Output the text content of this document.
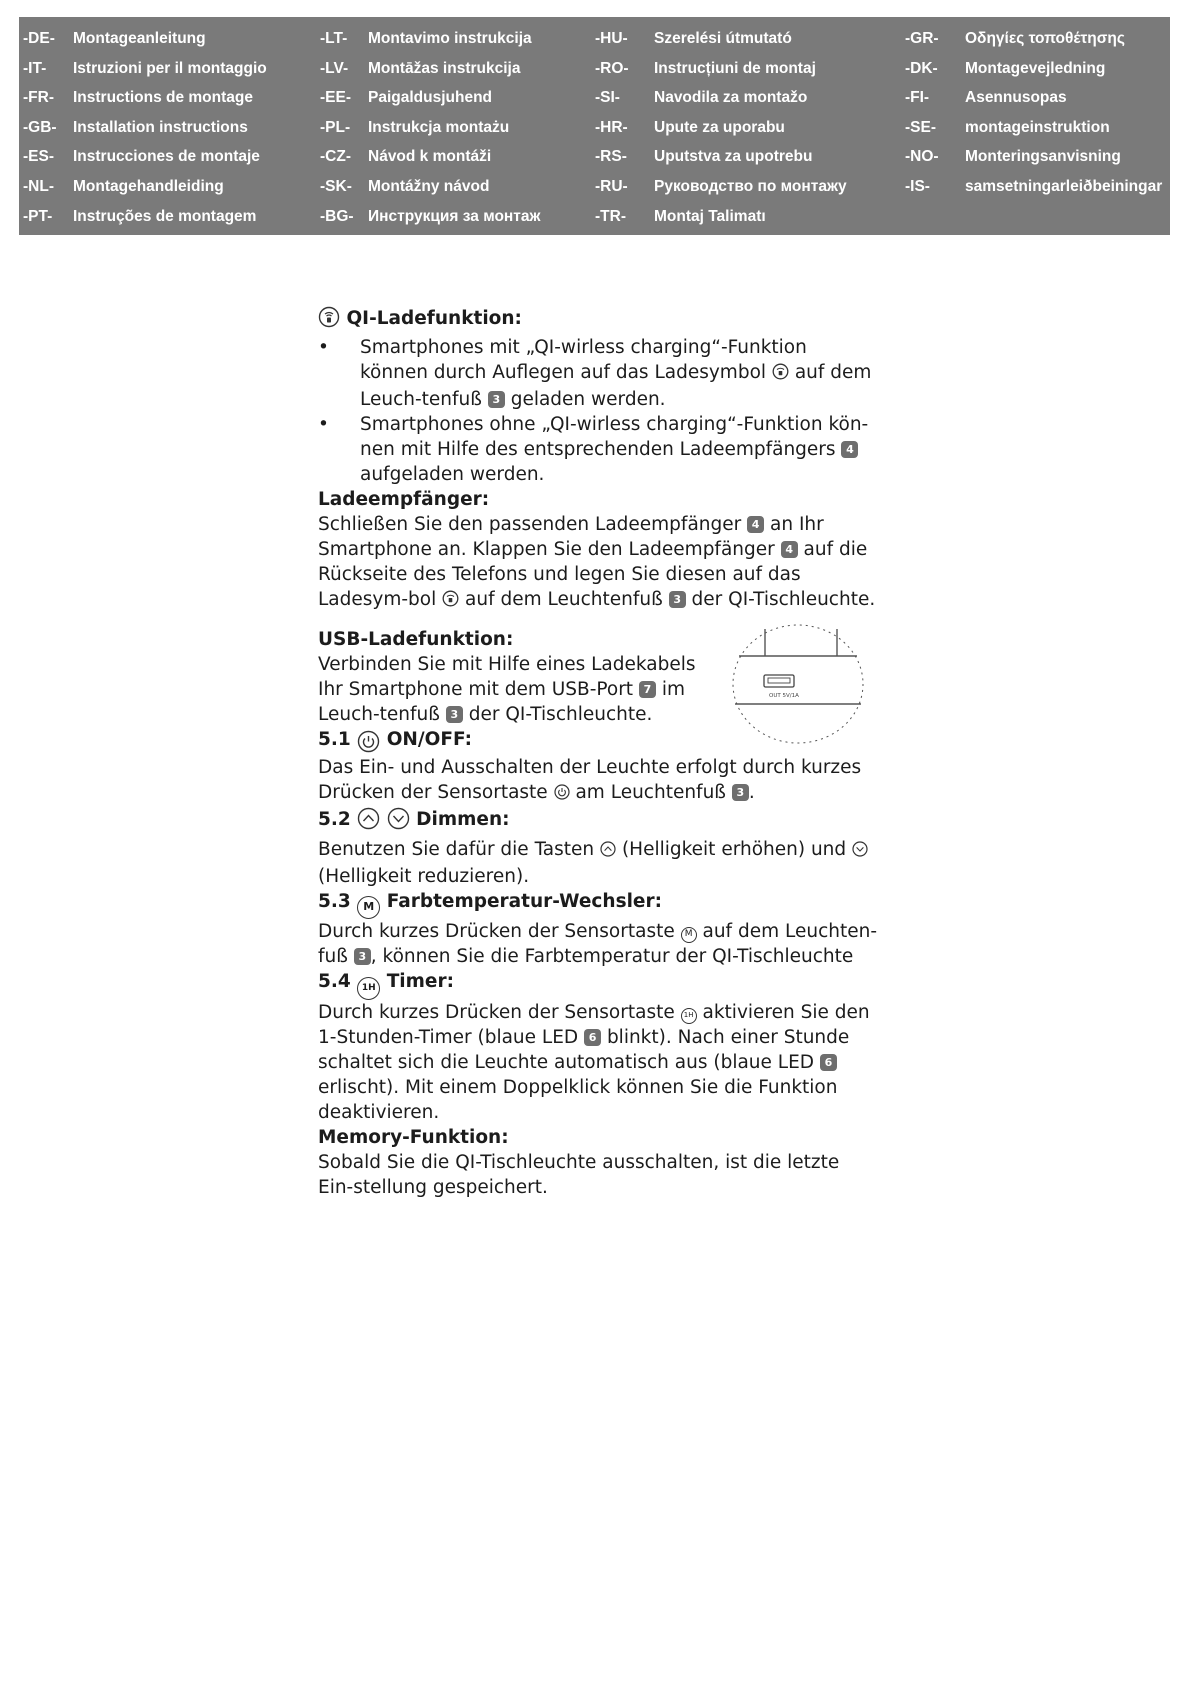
-DE- Montageanleitung	-LT- Montavimo instrukcija	-HU- Szerelési útmutató	-GR- Οδηγίες τοποθέτησης
-IT- Istruzioni per il montaggio	-LV- Montāžas instrukcija	-RO- Instrucțiuni de montaj	-DK- Montagevejledning
-FR- Instructions de montage	-EE- Paigaldusjuhend	-SI- Navodila za montažo	-FI- Asennusopas
-GB- Installation instructions	-PL- Instrukcja montażu	-HR- Upute za uporabu	-SE- montageinstruktion
-ES- Instrucciones de montaje	-CZ- Návod k montáži	-RS- Uputstva za upotrebu	-NO- Monteringsanvisning
-NL- Montagehandleiding	-SK- Montážny návod	-RU- Руководство по монтажу	-IS- samsetningarleiðbeiningar
-PT- Instruções de montagem	-BG- Инструкция за монтаж	-TR- Montaj Talimatı

QI-Ladefunktion:

• Smartphones mit „QI-wirless charging“-Funktion können durch Auflegen auf das Ladesymbol auf dem Leuch-tenfuß 3 geladen werden.
• Smartphones ohne „QI-wirless charging“-Funktion kön-nen mit Hilfe des entsprechenden Ladeempfängers 4 aufgeladen werden.

Ladeempfänger:

Schließen Sie den passenden Ladeempfänger 4 an Ihr Smartphone an. Klappen Sie den Ladeempfänger 4 auf die Rückseite des Telefons und legen Sie diesen auf das Ladesym-bol auf dem Leuchtenfuß 3 der QI-Tischleuchte.

USB-Ladefunktion:

Verbinden Sie mit Hilfe eines Ladekabels Ihr Smartphone mit dem USB-Port 7 im Leuch-tenfuß 3 der QI-Tischleuchte.

OUT 5V/1A

5.1 ON/OFF:

Das Ein- und Ausschalten der Leuchte erfolgt durch kurzes Drücken der Sensortaste am Leuchtenfuß 3 .

5.2	Dimmen:

Benutzen Sie dafür die Tasten (Helligkeit erhöhen) und  (Helligkeit reduzieren).

5.3 M Farbtemperatur-Wechsler:

Durch kurzes Drücken der Sensortaste M auf dem Leuchten-fuß 3 , können Sie die Farbtemperatur der QI-Tischleuchte

5.4 1H Timer:

Durch kurzes Drücken der Sensortaste 1H aktivieren Sie den 1-Stunden-Timer (blaue LED 6 blinkt). Nach einer Stunde schaltet sich die Leuchte automatisch aus (blaue LED 6 erlischt). Mit einem Doppelklick können Sie die Funktion deaktivieren.

Memory-Funktion:

Sobald Sie die QI-Tischleuchte ausschalten, ist die letzte Ein-stellung gespeichert.
